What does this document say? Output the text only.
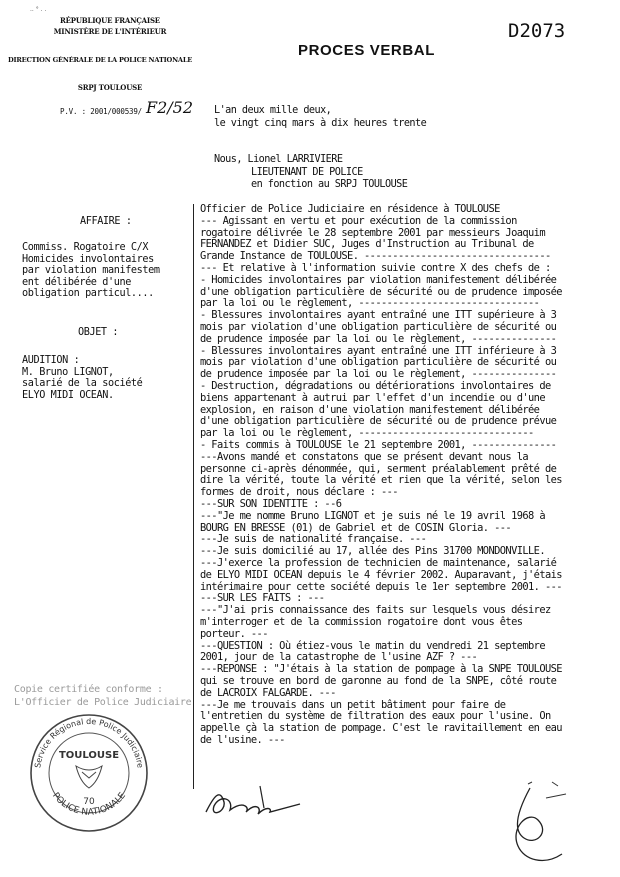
.. ° . .
RÉPUBLIQUE FRANÇAISE
MINISTÈRE DE L'INTÉRIEUR
DIRECTION GÉNÉRALE DE LA POLICE NATIONALE
SRPJ TOULOUSE
P.V. : 2001/000539/ F2/52
PROCES VERBAL
D2073
L'an deux mille deux,
le vingt cinq mars à dix heures trente
Nous, Lionel LARRIVIERE
LIEUTENANT DE POLICE
en fonction au SRPJ TOULOUSE
AFFAIRE :
Commiss. Rogatoire C/X
Homicides involontaires
par violation manifestem
ent délibérée d'une
obligation particul....
OBJET :
AUDITION :
M. Bruno LIGNOT,
salarié de la société
ELYO MIDI OCEAN.
Officier de Police Judiciaire en résidence à TOULOUSE
--- Agissant en vertu et pour exécution de la commission
rogatoire délivrée le 28 septembre 2001 par messieurs Joaquim
FERNANDEZ et Didier SUC, Juges d'Instruction au Tribunal de
Grande Instance de TOULOUSE. ---------------------------------
--- Et relative à l'information suivie contre X des chefs de :
- Homicides involontaires par violation manifestement délibérée
d'une obligation particulière de sécurité ou de prudence imposée
par la loi ou le règlement, --------------------------------
- Blessures involontaires ayant entraîné une ITT supérieure à 3
mois par violation d'une obligation particulière de sécurité ou
de prudence imposée par la loi ou le règlement, ---------------
- Blessures involontaires ayant entraîné une ITT inférieure à 3
mois par violation d'une obligation particulière de sécurité ou
de prudence imposée par la loi ou le règlement, ---------------
- Destruction, dégradations ou détériorations involontaires de
biens appartenant à autrui par l'effet d'un incendie ou d'une
explosion, en raison d'une violation manifestement délibérée
d'une obligation particulière de sécurité ou de prudence prévue
par la loi ou le règlement, -------------------------------
- Faits commis à TOULOUSE le 21 septembre 2001, ---------------
---Avons mandé et constatons que se présent devant nous la
personne ci-après dénommée, qui, serment préalablement prêté de
dire la vérité, toute la vérité et rien que la vérité, selon les
formes de droit, nous déclare : ---
---SUR SON IDENTITE : --6
---"Je me nomme Bruno LIGNOT et je suis né le 19 avril 1968 à
BOURG EN BRESSE (01) de Gabriel et de COSIN Gloria. ---
---Je suis de nationalité française. ---
---Je suis domicilié au 17, allée des Pins 31700 MONDONVILLE.
---J'exerce la profession de technicien de maintenance, salarié
de ELYO MIDI OCEAN depuis le 4 février 2002. Auparavant, j'étais
intérimaire pour cette société depuis le 1er septembre 2001. ---
---SUR LES FAITS : ---
---"J'ai pris connaissance des faits sur lesquels vous désirez
m'interroger et de la commission rogatoire dont vous êtes
porteur. ---
---QUESTION : Où étiez-vous le matin du vendredi 21 septembre
2001, jour de la catastrophe de l'usine AZF ? ---
---REPONSE : "J'étais à la station de pompage à la SNPE TOULOUSE
qui se trouve en bord de garonne au fond de la SNPE, côté route
de LACROIX FALGARDE. ---
---Je me trouvais dans un petit bâtiment pour faire de
l'entretien du système de filtration des eaux pour l'usine. On
appelle çà la station de pompage. C'est le ravitaillement en eau
de l'usine. ---
Copie certifiée conforme :
L'Officier de Police Judiciaire
Service Régional de Police Judiciaire
TOULOUSE
70
POLICE NATIONALE
